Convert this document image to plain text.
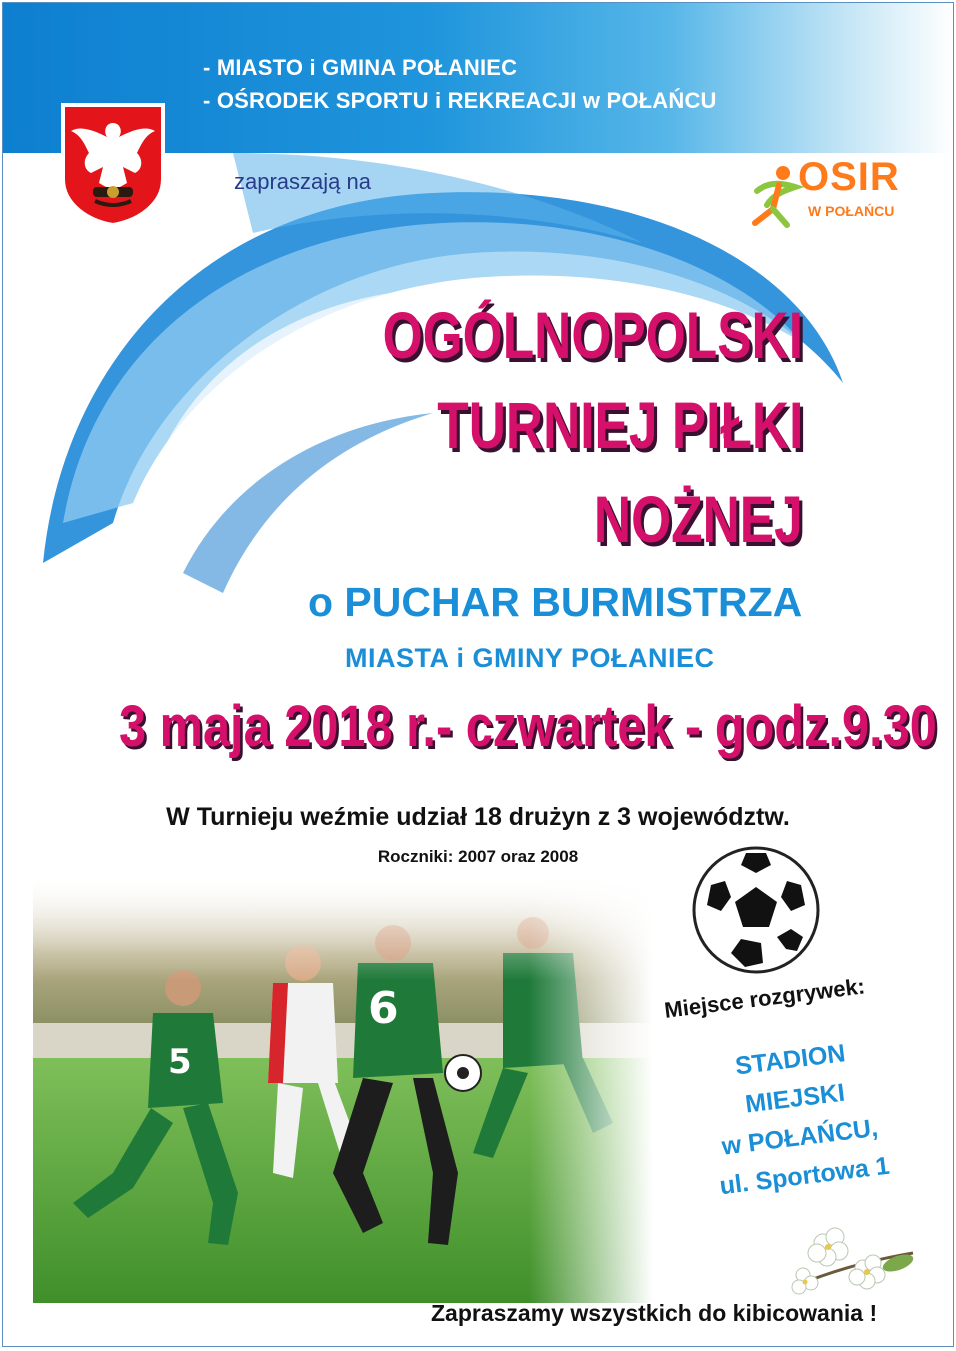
- MIASTO i GMINA POŁANIEC
- OŚRODEK SPORTU i REKREACJI w POŁAŃCU
zapraszają na	OSIR
W POŁAŃCU
OGÓLNOPOLSKI
TURNIEJ PIŁKI
NOŻNEJ
o PUCHAR BURMISTRZA
MIASTA i GMINY POŁANIEC
3 maja 2018 r.- czwartek - godz.9.30
W Turnieju weźmie udział 18 drużyn z 3 województw.
Roczniki: 2007 oraz 2008
Miejsce rozgrywek:
STADION
MIEJSKI
w POŁAŃCU,
ul. Sportowa 1
Zapraszamy wszystkich do kibicowania !
